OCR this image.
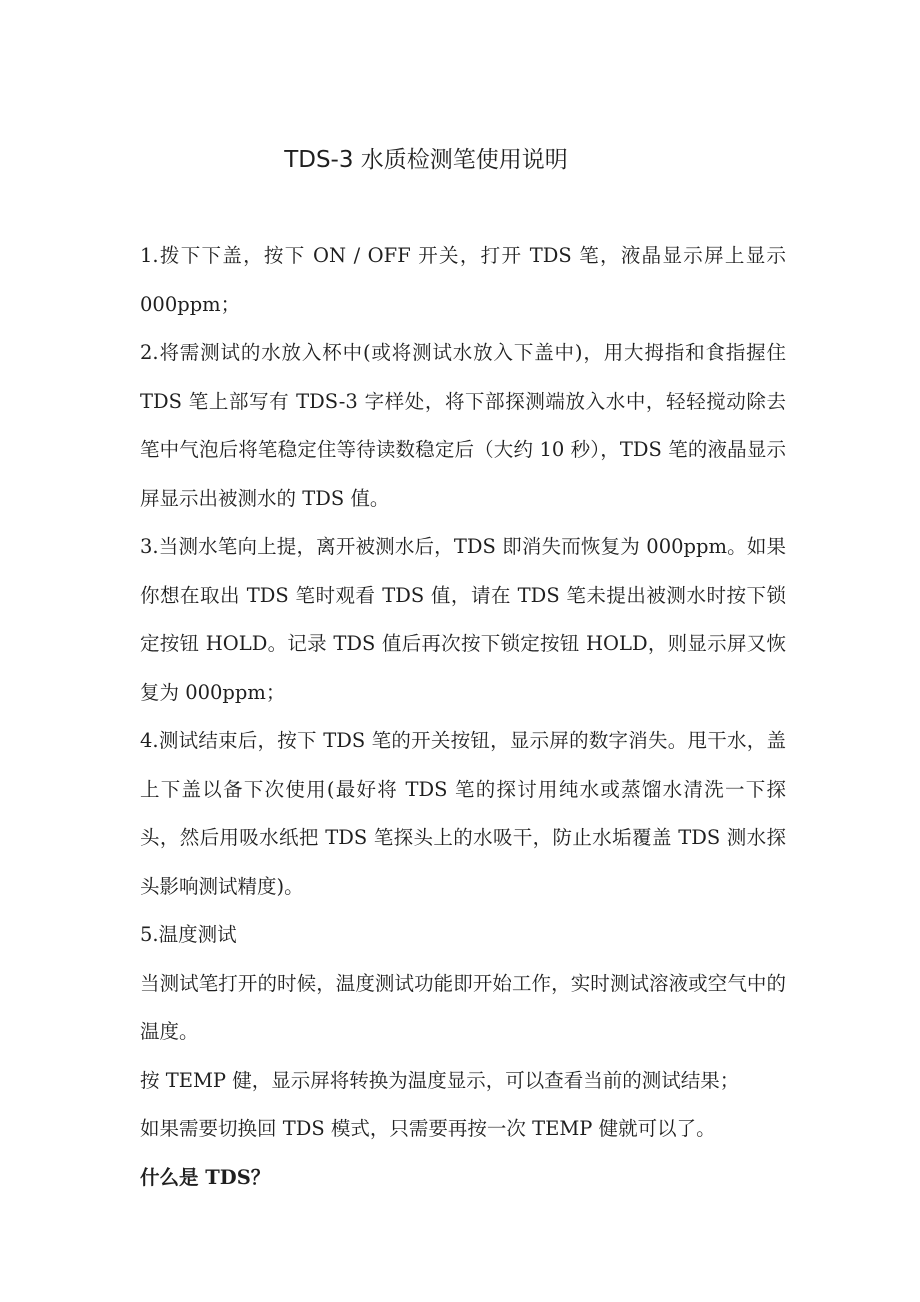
TDS-3 水质检测笔使用说明

1.拨下下盖，按下 ON / OFF 开关，打开 TDS 笔，液晶显示屏上显示 000ppm；

2.将需测试的水放入杯中(或将测试水放入下盖中)，用大拇指和食指握住 TDS 笔上部写有 TDS-3 字样处，将下部探测端放入水中，轻轻搅动除去笔中气泡后将笔稳定住等待读数稳定后（大约 10 秒），TDS 笔的液晶显示屏显示出被测水的 TDS 值。

3.当测水笔向上提，离开被测水后，TDS 即消失而恢复为 000ppm。如果你想在取出 TDS 笔时观看 TDS 值，请在 TDS 笔未提出被测水时按下锁定按钮 HOLD。记录 TDS 值后再次按下锁定按钮 HOLD，则显示屏又恢复为 000ppm；

4.测试结束后，按下 TDS 笔的开关按钮，显示屏的数字消失。甩干水，盖上下盖以备下次使用(最好将 TDS 笔的探讨用纯水或蒸馏水清洗一下探头，然后用吸水纸把 TDS 笔探头上的水吸干，防止水垢覆盖 TDS 测水探头影响测试精度)。

5.温度测试

当测试笔打开的时候，温度测试功能即开始工作，实时测试溶液或空气中的温度。

按 TEMP 健，显示屏将转换为温度显示，可以查看当前的测试结果；

如果需要切换回 TDS 模式，只需要再按一次 TEMP 健就可以了。

什么是 TDS？
